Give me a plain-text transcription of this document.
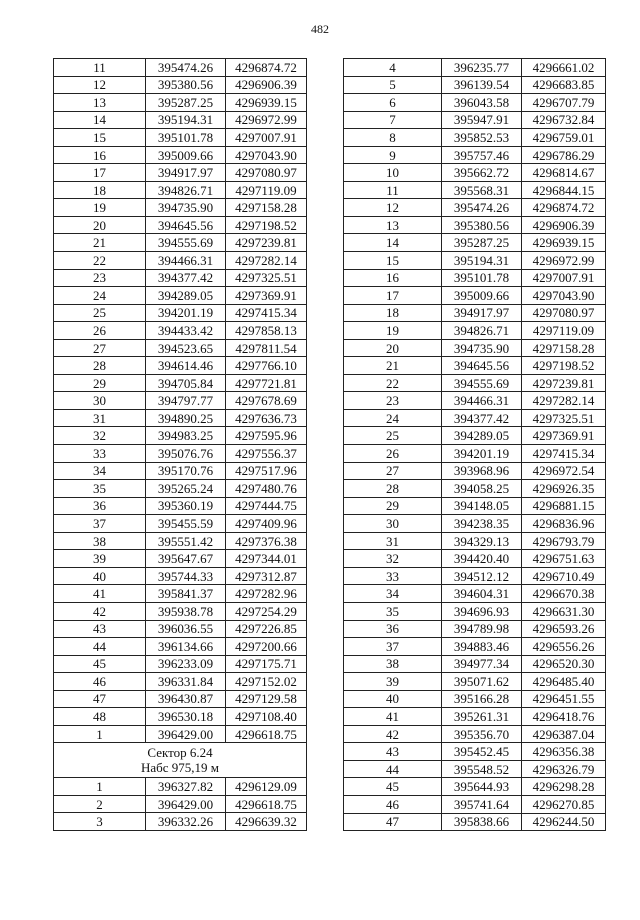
482
11	395474.26	4296874.72
12	395380.56	4296906.39
13	395287.25	4296939.15
14	395194.31	4296972.99
15	395101.78	4297007.91
16	395009.66	4297043.90
17	394917.97	4297080.97
18	394826.71	4297119.09
19	394735.90	4297158.28
20	394645.56	4297198.52
21	394555.69	4297239.81
22	394466.31	4297282.14
23	394377.42	4297325.51
24	394289.05	4297369.91
25	394201.19	4297415.34
26	394433.42	4297858.13
27	394523.65	4297811.54
28	394614.46	4297766.10
29	394705.84	4297721.81
30	394797.77	4297678.69
31	394890.25	4297636.73
32	394983.25	4297595.96
33	395076.76	4297556.37
34	395170.76	4297517.96
35	395265.24	4297480.76
36	395360.19	4297444.75
37	395455.59	4297409.96
38	395551.42	4297376.38
39	395647.67	4297344.01
40	395744.33	4297312.87
41	395841.37	4297282.96
42	395938.78	4297254.29
43	396036.55	4297226.85
44	396134.66	4297200.66
45	396233.09	4297175.71
46	396331.84	4297152.02
47	396430.87	4297129.58
48	396530.18	4297108.40
1	396429.00	4296618.75

Сектор 6.24
Набс 975,19 м		

1	396327.82	4296129.09
2	396429.00	4296618.75
3	396332.26	4296639.32
4	396235.77	4296661.02
5	396139.54	4296683.85
6	396043.58	4296707.79
7	395947.91	4296732.84
8	395852.53	4296759.01
9	395757.46	4296786.29
10	395662.72	4296814.67
11	395568.31	4296844.15
12	395474.26	4296874.72
13	395380.56	4296906.39
14	395287.25	4296939.15
15	395194.31	4296972.99
16	395101.78	4297007.91
17	395009.66	4297043.90
18	394917.97	4297080.97
19	394826.71	4297119.09
20	394735.90	4297158.28
21	394645.56	4297198.52
22	394555.69	4297239.81
23	394466.31	4297282.14
24	394377.42	4297325.51
25	394289.05	4297369.91
26	394201.19	4297415.34
27	393968.96	4296972.54
28	394058.25	4296926.35
29	394148.05	4296881.15
30	394238.35	4296836.96
31	394329.13	4296793.79
32	394420.40	4296751.63
33	394512.12	4296710.49
34	394604.31	4296670.38
35	394696.93	4296631.30
36	394789.98	4296593.26
37	394883.46	4296556.26
38	394977.34	4296520.30
39	395071.62	4296485.40
40	395166.28	4296451.55
41	395261.31	4296418.76
42	395356.70	4296387.04
43	395452.45	4296356.38
44	395548.52	4296326.79
45	395644.93	4296298.28
46	395741.64	4296270.85
47	395838.66	4296244.50
